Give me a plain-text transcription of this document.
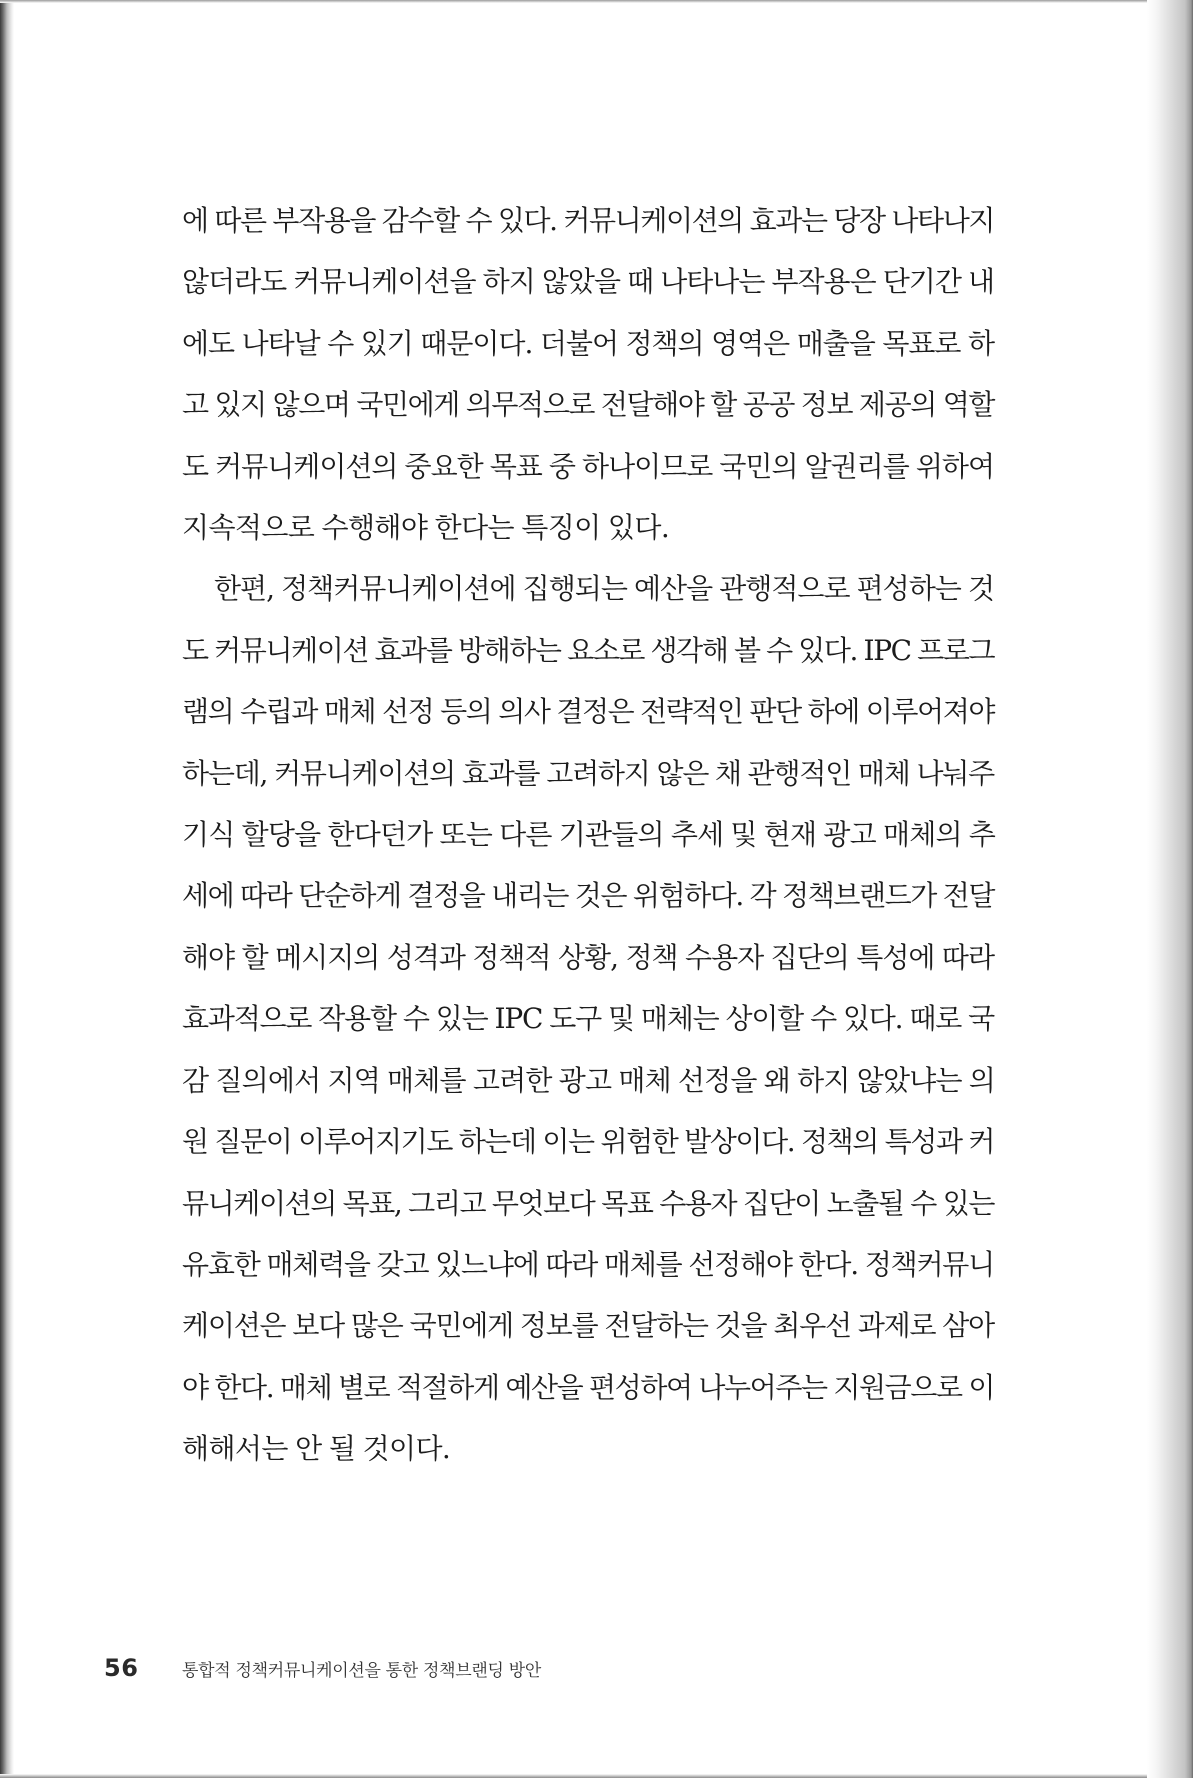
에 따른 부작용을 감수할 수 있다. 커뮤니케이션의 효과는 당장 나타나지
않더라도 커뮤니케이션을 하지 않았을 때 나타나는 부작용은 단기간 내
에도 나타날 수 있기 때문이다. 더불어 정책의 영역은 매출을 목표로 하
고 있지 않으며 국민에게 의무적으로 전달해야 할 공공 정보 제공의 역할
도 커뮤니케이션의 중요한 목표 중 하나이므로 국민의 알권리를 위하여
지속적으로 수행해야 한다는 특징이 있다.
한편, 정책커뮤니케이션에 집행되는 예산을 관행적으로 편성하는 것
도 커뮤니케이션 효과를 방해하는 요소로 생각해 볼 수 있다. IPC 프로그
램의 수립과 매체 선정 등의 의사 결정은 전략적인 판단 하에 이루어져야
하는데, 커뮤니케이션의 효과를 고려하지 않은 채 관행적인 매체 나눠주
기식 할당을 한다던가 또는 다른 기관들의 추세 및 현재 광고 매체의 추
세에 따라 단순하게 결정을 내리는 것은 위험하다. 각 정책브랜드가 전달
해야 할 메시지의 성격과 정책적 상황, 정책 수용자 집단의 특성에 따라
효과적으로 작용할 수 있는 IPC 도구 및 매체는 상이할 수 있다. 때로 국
감 질의에서 지역 매체를 고려한 광고 매체 선정을 왜 하지 않았냐는 의
원 질문이 이루어지기도 하는데 이는 위험한 발상이다. 정책의 특성과 커
뮤니케이션의 목표, 그리고 무엇보다 목표 수용자 집단이 노출될 수 있는
유효한 매체력을 갖고 있느냐에 따라 매체를 선정해야 한다. 정책커뮤니
케이션은 보다 많은 국민에게 정보를 전달하는 것을 최우선 과제로 삼아
야 한다. 매체 별로 적절하게 예산을 편성하여 나누어주는 지원금으로 이
해해서는 안 될 것이다.
56	통합적 정책커뮤니케이션을 통한 정책브랜딩 방안
